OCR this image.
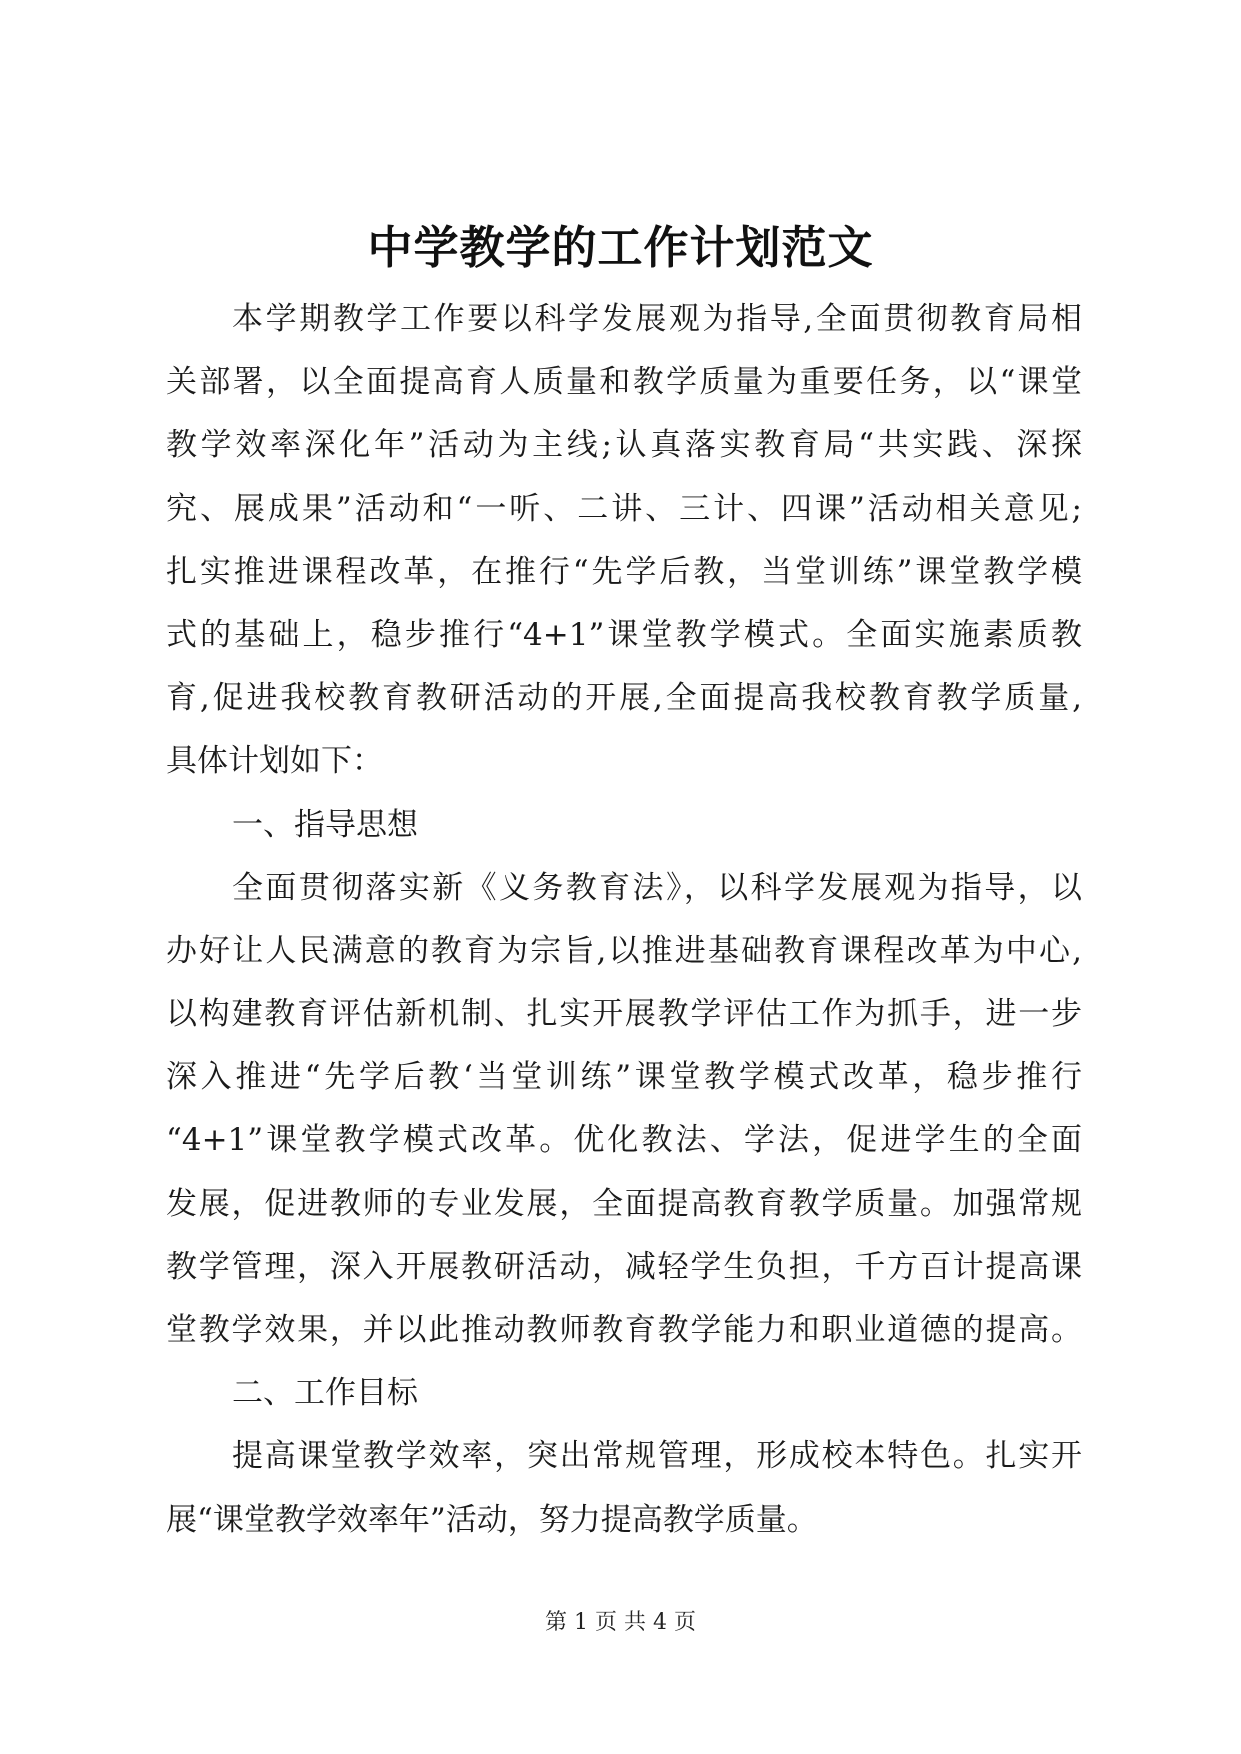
中学教学的工作计划范文
本学期教学工作要以科学发展观为指导,全面贯彻教育局相
关部署，以全面提高育人质量和教学质量为重要任务，以“课堂
教学效率深化年”活动为主线;认真落实教育局“共实践、深探
究、展成果”活动和“一听、二讲、三计、四课”活动相关意见;
扎实推进课程改革，在推行“先学后教，当堂训练”课堂教学模
式的基础上，稳步推行“4+1”课堂教学模式。全面实施素质教
育,促进我校教育教研活动的开展,全面提高我校教育教学质量,
具体计划如下：
一、指导思想
全面贯彻落实新《义务教育法》，以科学发展观为指导，以
办好让人民满意的教育为宗旨,以推进基础教育课程改革为中心,
以构建教育评估新机制、扎实开展教学评估工作为抓手，进一步
深入推进“先学后教‘当堂训练”课堂教学模式改革，稳步推行
“4+1”课堂教学模式改革。优化教法、学法，促进学生的全面
发展，促进教师的专业发展，全面提高教育教学质量。加强常规
教学管理，深入开展教研活动，减轻学生负担，千方百计提高课
堂教学效果，并以此推动教师教育教学能力和职业道德的提高。
二、工作目标
提高课堂教学效率，突出常规管理，形成校本特色。扎实开
展“课堂教学效率年”活动，努力提高教学质量。
第 1 页 共 4 页
